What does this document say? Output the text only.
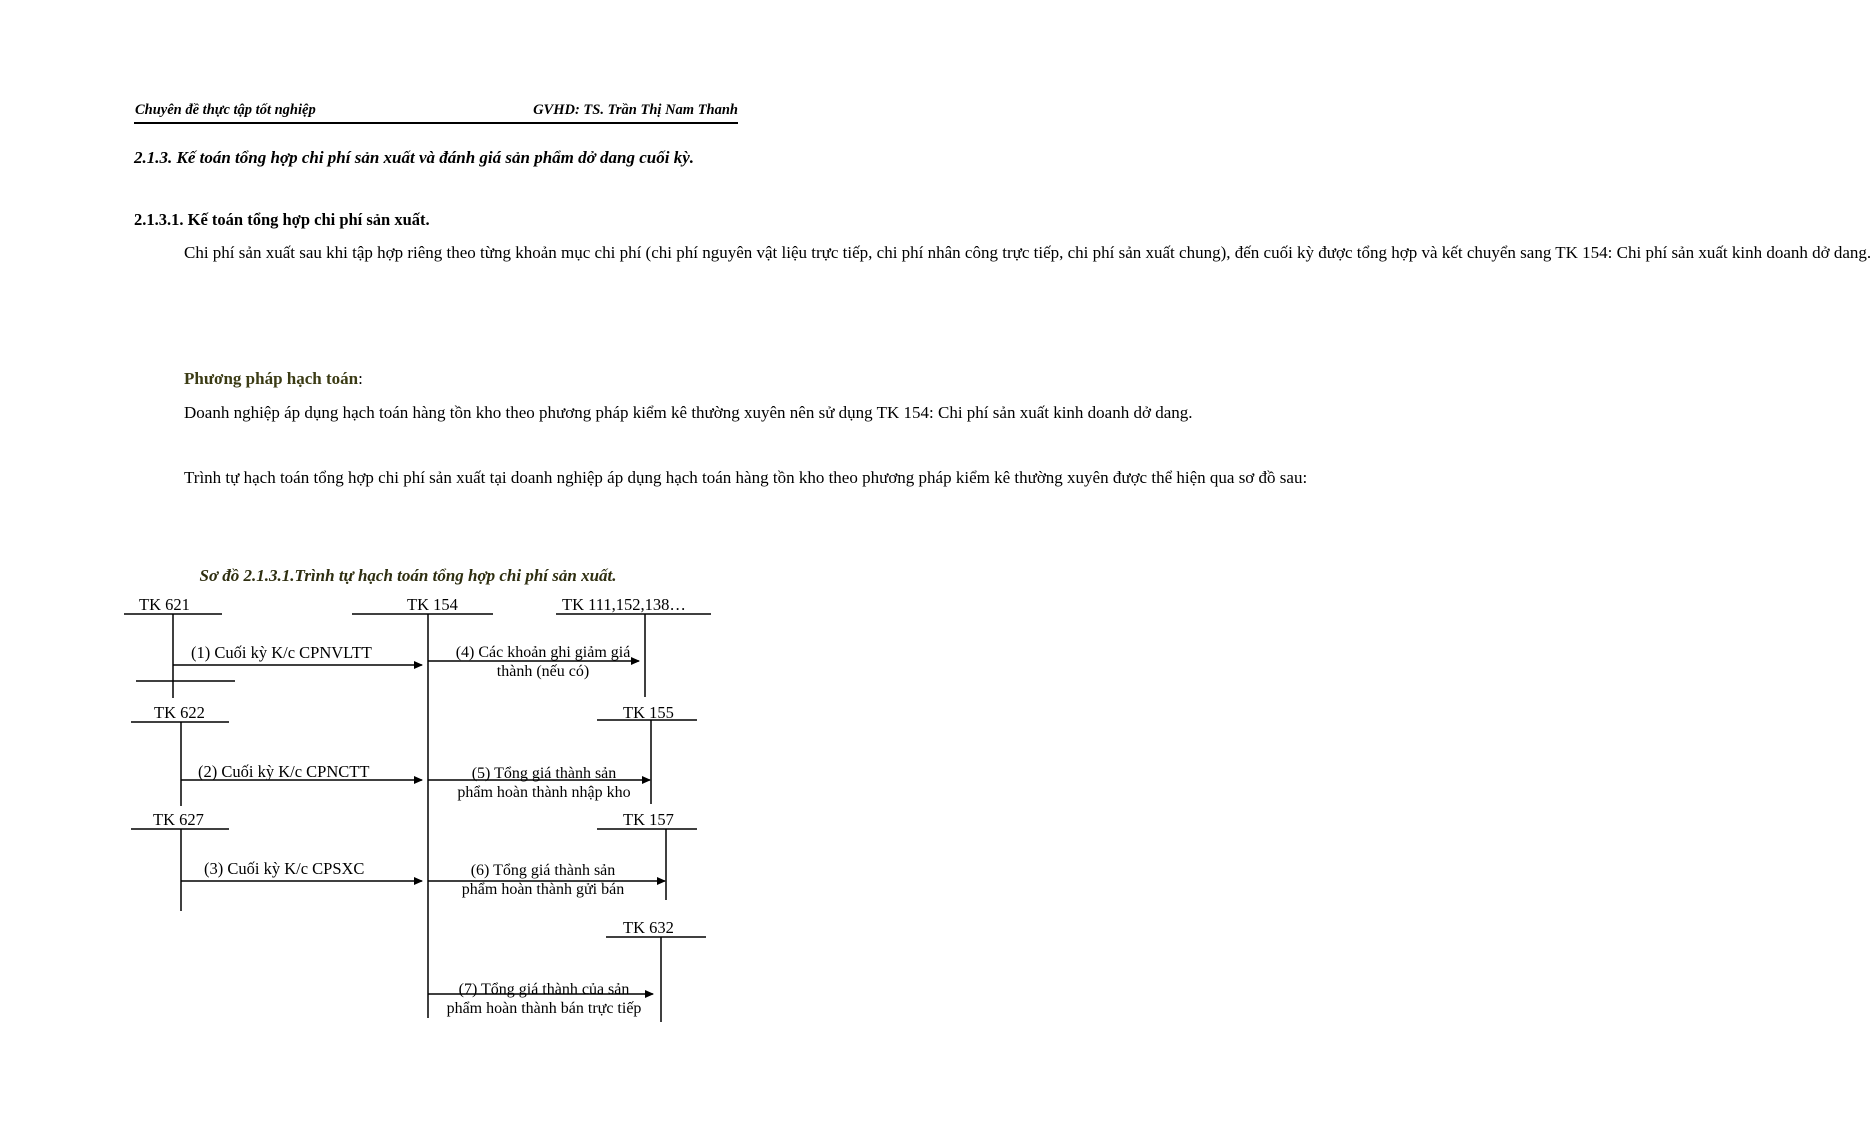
Chuyên đề thực tập tốt nghiệp	GVHD: TS. Trần Thị Nam Thanh
2.1.3. Kế toán tổng hợp chi phí sản xuất và đánh giá sản phẩm dở dang cuối kỳ.
2.1.3.1. Kế toán tổng hợp chi phí sản xuất.
Chi phí sản xuất sau khi tập hợp riêng theo từng khoản mục chi phí (chi phí nguyên vật liệu trực tiếp, chi phí nhân công trực tiếp, chi phí sản xuất chung), đến cuối kỳ được tổng hợp và kết chuyển sang TK 154: Chi phí sản xuất kinh doanh dở dang.
Phương pháp hạch toán:
Doanh nghiệp áp dụng hạch toán hàng tồn kho theo phương pháp kiểm kê thường xuyên nên sử dụng TK 154: Chi phí sản xuất kinh doanh dở dang.
Trình tự hạch toán tổng hợp chi phí sản xuất tại doanh nghiệp áp dụng hạch toán hàng tồn kho theo phương pháp kiểm kê thường xuyên được thể hiện qua sơ đồ sau:
Sơ đồ 2.1.3.1.Trình tự hạch toán tổng hợp chi phí sản xuất.
TK 621	TK 154	TK 111,152,138…
TK 622	TK 155
TK 627	TK 157
TK 632
(1) Cuối kỳ K/c CPNVLTT
(2) Cuối kỳ K/c CPNCTT
(3) Cuối kỳ K/c CPSXC
(4) Các khoản ghi giảm giá
thành (nếu có)
(5) Tổng giá thành sản
phẩm hoàn thành nhập kho
(6) Tổng giá thành sản
phẩm hoàn thành gửi bán
(7) Tổng giá thành của sản
phẩm hoàn thành bán trực tiếp
